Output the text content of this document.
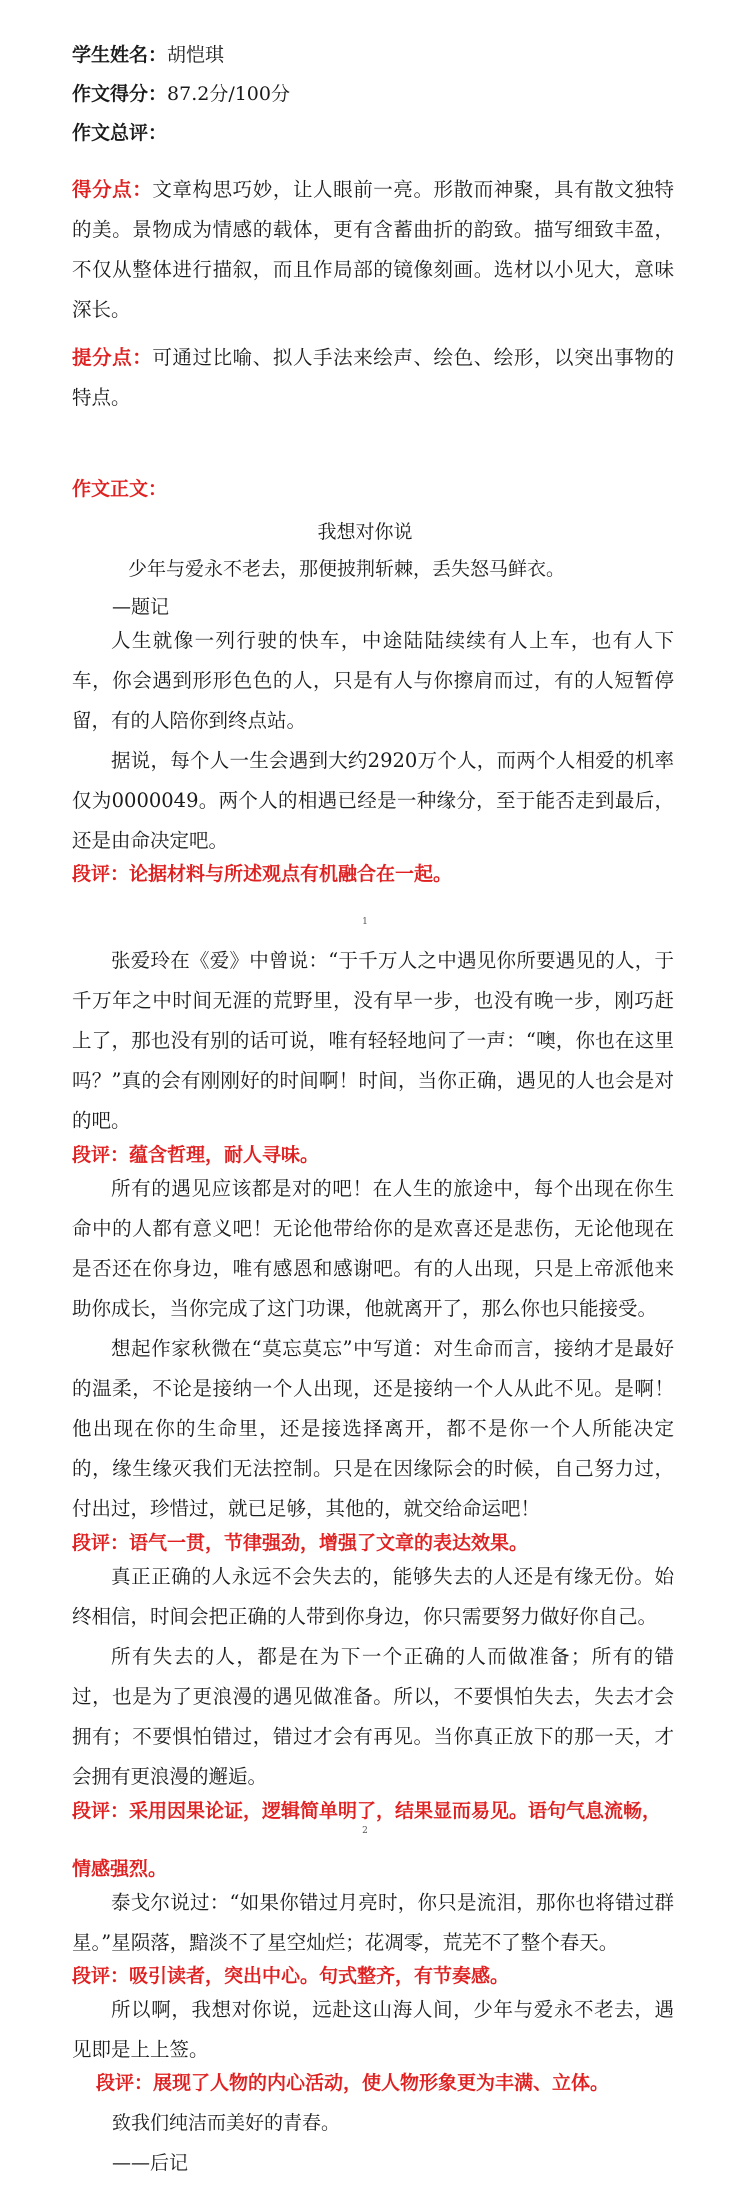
学生姓名：胡恺琪
作文得分：87.2分/100分
作文总评：
得分点：文章构思巧妙，让人眼前一亮。形散而神聚，具有散文独特的美。景物成为情感的载体，更有含蓄曲折的韵致。描写细致丰盈，不仅从整体进行描叙，而且作局部的镜像刻画。选材以小见大，意味深长。
提分点：可通过比喻、拟人手法来绘声、绘色、绘形，以突出事物的特点。
作文正文：
我想对你说
少年与爱永不老去，那便披荆斩棘，丢失怒马鲜衣。
—题记
人生就像一列行驶的快车，中途陆陆续续有人上车，也有人下车，你会遇到形形色色的人，只是有人与你擦肩而过，有的人短暂停留，有的人陪你到终点站。
据说，每个人一生会遇到大约2920万个人，而两个人相爱的机率仅为0000049。两个人的相遇已经是一种缘分，至于能否走到最后，还是由命决定吧。
段评：论据材料与所述观点有机融合在一起。
1
张爱玲在《爱》中曾说：“于千万人之中遇见你所要遇见的人，于千万年之中时间无涯的荒野里，没有早一步，也没有晚一步，刚巧赶上了，那也没有别的话可说，唯有轻轻地问了一声：“噢，你也在这里吗？”真的会有刚刚好的时间啊！时间，当你正确，遇见的人也会是对的吧。
段评：蕴含哲理，耐人寻味。
所有的遇见应该都是对的吧！在人生的旅途中，每个出现在你生命中的人都有意义吧！无论他带给你的是欢喜还是悲伤，无论他现在是否还在你身边，唯有感恩和感谢吧。有的人出现，只是上帝派他来助你成长，当你完成了这门功课，他就离开了，那么你也只能接受。
想起作家秋微在“莫忘莫忘”中写道：对生命而言，接纳才是最好的温柔，不论是接纳一个人出现，还是接纳一个人从此不见。是啊！他出现在你的生命里，还是接选择离开，都不是你一个人所能决定的，缘生缘灭我们无法控制。只是在因缘际会的时候，自己努力过，付出过，珍惜过，就已足够，其他的，就交给命运吧！
段评：语气一贯，节律强劲，增强了文章的表达效果。
真正正确的人永远不会失去的，能够失去的人还是有缘无份。始终相信，时间会把正确的人带到你身边，你只需要努力做好你自己。
所有失去的人，都是在为下一个正确的人而做准备；所有的错过，也是为了更浪漫的遇见做准备。所以，不要惧怕失去，失去才会拥有；不要惧怕错过，错过才会有再见。当你真正放下的那一天，才会拥有更浪漫的邂逅。
段评：采用因果论证，逻辑简单明了，结果显而易见。语句气息流畅，
2
情感强烈。
泰戈尔说过：“如果你错过月亮时，你只是流泪，那你也将错过群星。”星陨落，黯淡不了星空灿烂；花凋零，荒芜不了整个春天。
段评：吸引读者，突出中心。句式整齐，有节奏感。
所以啊，我想对你说，远赴这山海人间，少年与爱永不老去，遇见即是上上签。
段评：展现了人物的内心活动，使人物形象更为丰满、立体。
致我们纯洁而美好的青春。
——后记
